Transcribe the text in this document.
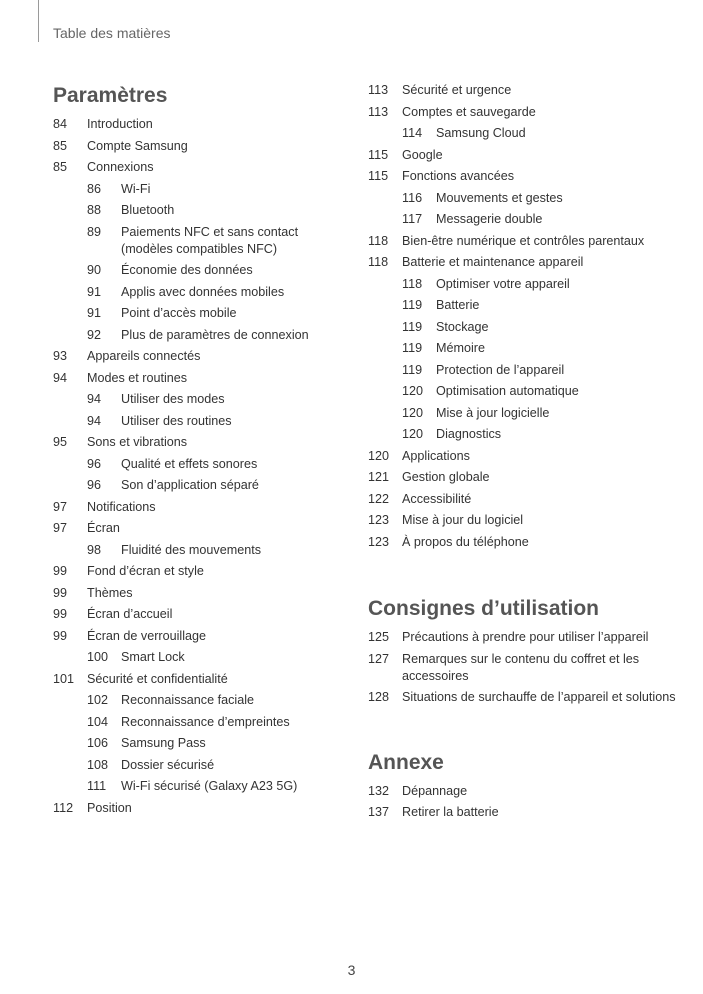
Table des matières
Paramètres
84	Introduction
85	Compte Samsung
85	Connexions
86	Wi-Fi
88	Bluetooth
89	Paiements NFC et sans contact (modèles compatibles NFC)
90	Économie des données
91	Applis avec données mobiles
91	Point d’accès mobile
92	Plus de paramètres de connexion
93	Appareils connectés
94	Modes et routines
94	Utiliser des modes
94	Utiliser des routines
95	Sons et vibrations
96	Qualité et effets sonores
96	Son d’application séparé
97	Notifications
97	Écran
98	Fluidité des mouvements
99	Fond d’écran et style
99	Thèmes
99	Écran d’accueil
99	Écran de verrouillage
100	Smart Lock
101	Sécurité et confidentialité
102	Reconnaissance faciale
104	Reconnaissance d’empreintes
106	Samsung Pass
108	Dossier sécurisé
111	Wi-Fi sécurisé (Galaxy A23 5G)
112	Position
113	Sécurité et urgence
113	Comptes et sauvegarde
114	Samsung Cloud
115	Google
115	Fonctions avancées
116	Mouvements et gestes
117	Messagerie double
118	Bien-être numérique et contrôles parentaux
118	Batterie et maintenance appareil
118	Optimiser votre appareil
119	Batterie
119	Stockage
119	Mémoire
119	Protection de l’appareil
120	Optimisation automatique
120	Mise à jour logicielle
120	Diagnostics
120	Applications
121	Gestion globale
122	Accessibilité
123	Mise à jour du logiciel
123	À propos du téléphone
Consignes d’utilisation
125	Précautions à prendre pour utiliser l’appareil
127	Remarques sur le contenu du coffret et les accessoires
128	Situations de surchauffe de l’appareil et solutions
Annexe
132	Dépannage
137	Retirer la batterie
3
